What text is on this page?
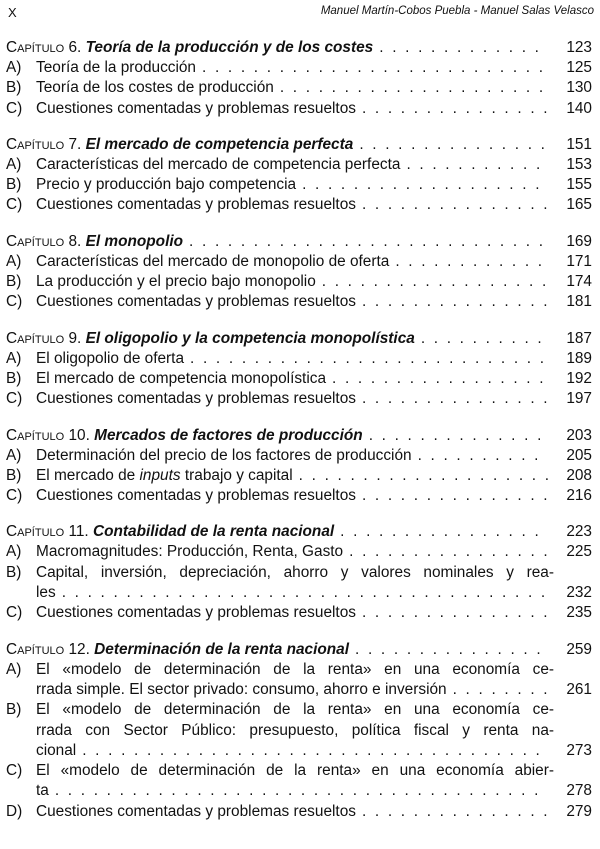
X	Manuel Martín-Cobos Puebla - Manuel Salas Velasco
Capítulo 6. Teoría de la producción y de los costes . . .	123
A) Teoría de la producción . . .	125
B) Teoría de los costes de producción . . .	130
C) Cuestiones comentadas y problemas resueltos . . .	140
Capítulo 7. El mercado de competencia perfecta . . .	151
A) Características del mercado de competencia perfecta . . .	153
B) Precio y producción bajo competencia . . .	155
C) Cuestiones comentadas y problemas resueltos . . .	165
Capítulo 8. El monopolio . . .	169
A) Características del mercado de monopolio de oferta . . .	171
B) La producción y el precio bajo monopolio . . .	174
C) Cuestiones comentadas y problemas resueltos . . .	181
Capítulo 9. El oligopolio y la competencia monopolística . . .	187
A) El oligopolio de oferta . . .	189
B) El mercado de competencia monopolística . . .	192
C) Cuestiones comentadas y problemas resueltos . . .	197
Capítulo 10. Mercados de factores de producción . . .	203
A) Determinación del precio de los factores de producción . . .	205
B) El mercado de inputs trabajo y capital . . .	208
C) Cuestiones comentadas y problemas resueltos . . .	216
Capítulo 11. Contabilidad de la renta nacional . . .	223
A) Macromagnitudes: Producción, Renta, Gasto . . .	225
B) Capital, inversión, depreciación, ahorro y valores nominales y rea-
les . . .	232
C) Cuestiones comentadas y problemas resueltos . . .	235
Capítulo 12. Determinación de la renta nacional . . .	259
A) El «modelo de determinación de la renta» en una economía ce-
rrada simple. El sector privado: consumo, ahorro e inversión . . .	261
B) El «modelo de determinación de la renta» en una economía ce-
rrada con Sector Público: presupuesto, política fiscal y renta na-
cional . . .	273
C) El «modelo de determinación de la renta» en una economía abier-
ta . . .	278
D) Cuestiones comentadas y problemas resueltos . . .	279
